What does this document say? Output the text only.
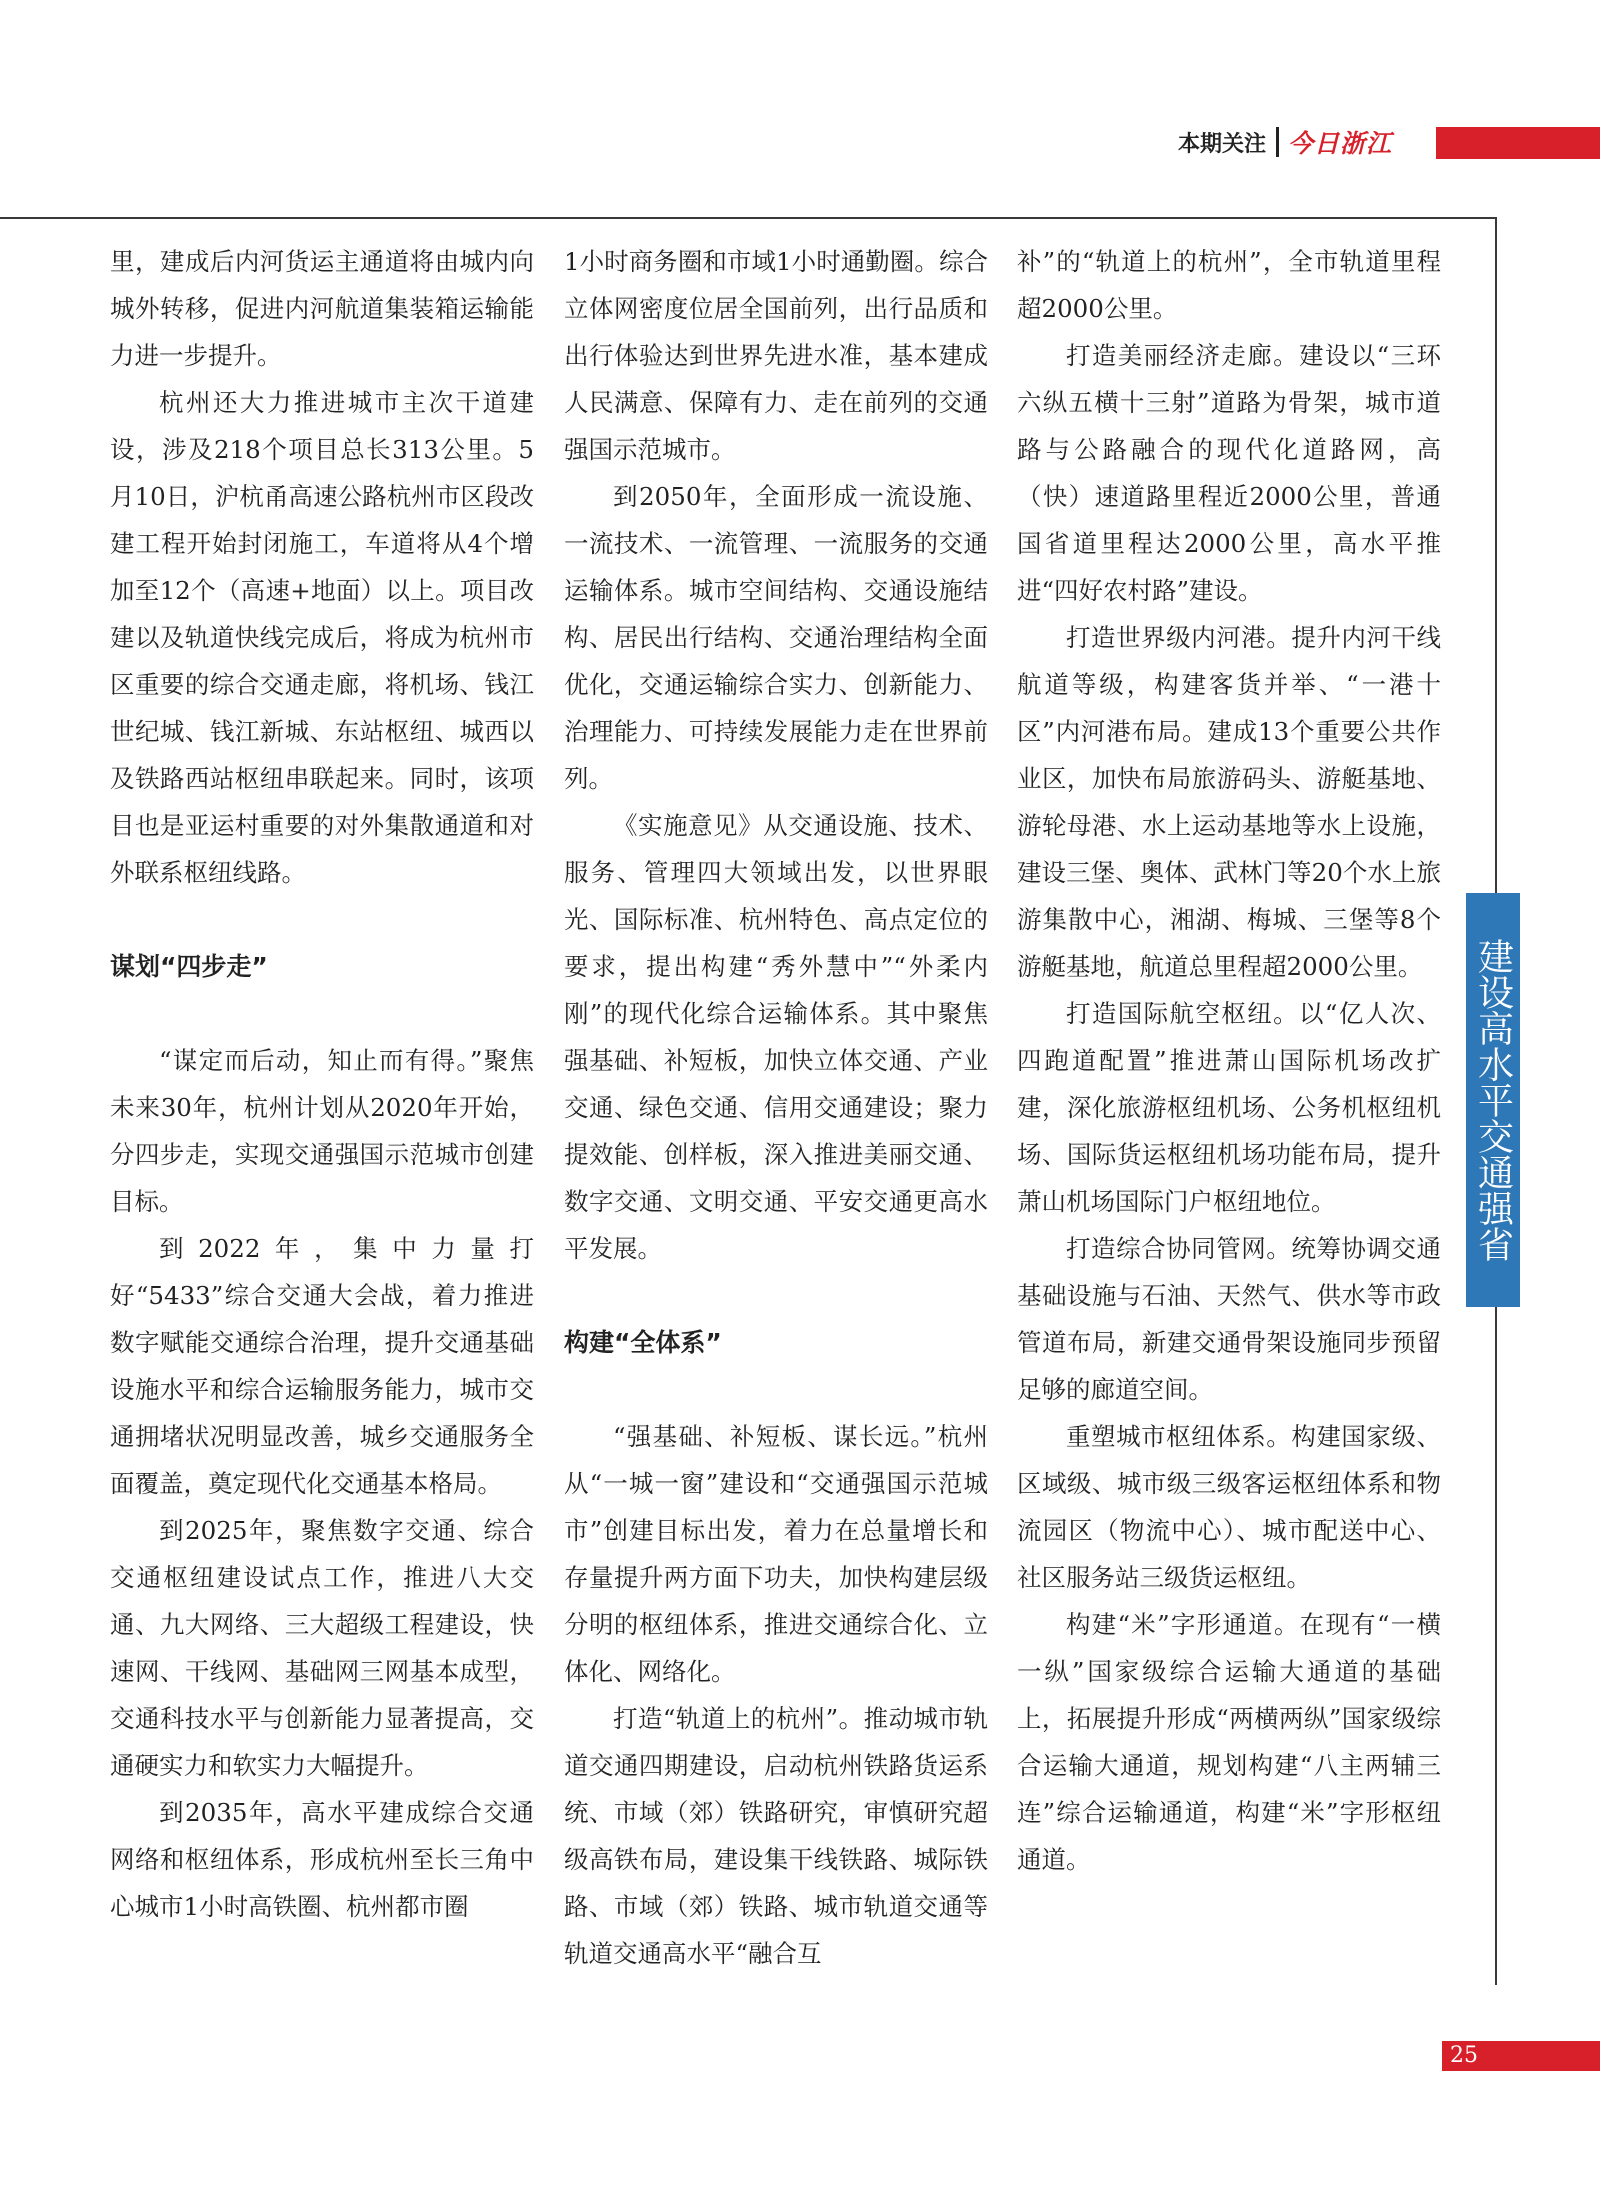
本期关注 今日浙江

里，建成后内河货运主通道将由城内向城外转移，促进内河航道集装箱运输能力进一步提升。

杭州还大力推进城市主次干道建设，涉及218个项目总长313公里。5月10日，沪杭甬高速公路杭州市区段改建工程开始封闭施工，车道将从4个增加至12个（高速+地面）以上。项目改建以及轨道快线完成后，将成为杭州市区重要的综合交通走廊，将机场、钱江世纪城、钱江新城、东站枢纽、城西以及铁路西站枢纽串联起来。同时，该项目也是亚运村重要的对外集散通道和对外联系枢纽线路。

谋划“四步走”

“谋定而后动，知止而有得。”聚焦未来30年，杭州计划从2020年开始，分四步走，实现交通强国示范城市创建目标。

到2022年，集中力量打好“5433”综合交通大会战，着力推进数字赋能交通综合治理，提升交通基础设施水平和综合运输服务能力，城市交通拥堵状况明显改善，城乡交通服务全面覆盖，奠定现代化交通基本格局。

到2025年，聚焦数字交通、综合交通枢纽建设试点工作，推进八大交通、九大网络、三大超级工程建设，快速网、干线网、基础网三网基本成型，交通科技水平与创新能力显著提高，交通硬实力和软实力大幅提升。

到2035年，高水平建成综合交通网络和枢纽体系，形成杭州至长三角中心城市1小时高铁圈、杭州都市圈

1小时商务圈和市域1小时通勤圈。综合立体网密度位居全国前列，出行品质和出行体验达到世界先进水准，基本建成人民满意、保障有力、走在前列的交通强国示范城市。

到2050年，全面形成一流设施、一流技术、一流管理、一流服务的交通运输体系。城市空间结构、交通设施结构、居民出行结构、交通治理结构全面优化，交通运输综合实力、创新能力、治理能力、可持续发展能力走在世界前列。

《实施意见》从交通设施、技术、服务、管理四大领域出发，以世界眼光、国际标准、杭州特色、高点定位的要求，提出构建“秀外慧中”“外柔内刚”的现代化综合运输体系。其中聚焦强基础、补短板，加快立体交通、产业交通、绿色交通、信用交通建设；聚力提效能、创样板，深入推进美丽交通、数字交通、文明交通、平安交通更高水平发展。

构建“全体系”

“强基础、补短板、谋长远。”杭州从“一城一窗”建设和“交通强国示范城市”创建目标出发，着力在总量增长和存量提升两方面下功夫，加快构建层级分明的枢纽体系，推进交通综合化、立体化、网络化。

打造“轨道上的杭州”。推动城市轨道交通四期建设，启动杭州铁路货运系统、市域（郊）铁路研究，审慎研究超级高铁布局，建设集干线铁路、城际铁路、市域（郊）铁路、城市轨道交通等轨道交通高水平“融合互

补”的“轨道上的杭州”，全市轨道里程超2000公里。

打造美丽经济走廊。建设以“三环六纵五横十三射”道路为骨架，城市道路与公路融合的现代化道路网，高（快）速道路里程近2000公里，普通国省道里程达2000公里，高水平推进“四好农村路”建设。

打造世界级内河港。提升内河干线航道等级，构建客货并举、“一港十区”内河港布局。建成13个重要公共作业区，加快布局旅游码头、游艇基地、游轮母港、水上运动基地等水上设施，建设三堡、奥体、武林门等20个水上旅游集散中心，湘湖、梅城、三堡等8个游艇基地，航道总里程超2000公里。

打造国际航空枢纽。以“亿人次、四跑道配置”推进萧山国际机场改扩建，深化旅游枢纽机场、公务机枢纽机场、国际货运枢纽机场功能布局，提升萧山机场国际门户枢纽地位。

打造综合协同管网。统筹协调交通基础设施与石油、天然气、供水等市政管道布局，新建交通骨架设施同步预留足够的廊道空间。

重塑城市枢纽体系。构建国家级、区域级、城市级三级客运枢纽体系和物流园区（物流中心）、城市配送中心、社区服务站三级货运枢纽。

构建“米”字形通道。在现有“一横一纵”国家级综合运输大通道的基础上，拓展提升形成“两横两纵”国家级综合运输大通道，规划构建“八主两辅三连”综合运输通道，构建“米”字形枢纽通道。

建设高水平交通强省
25
